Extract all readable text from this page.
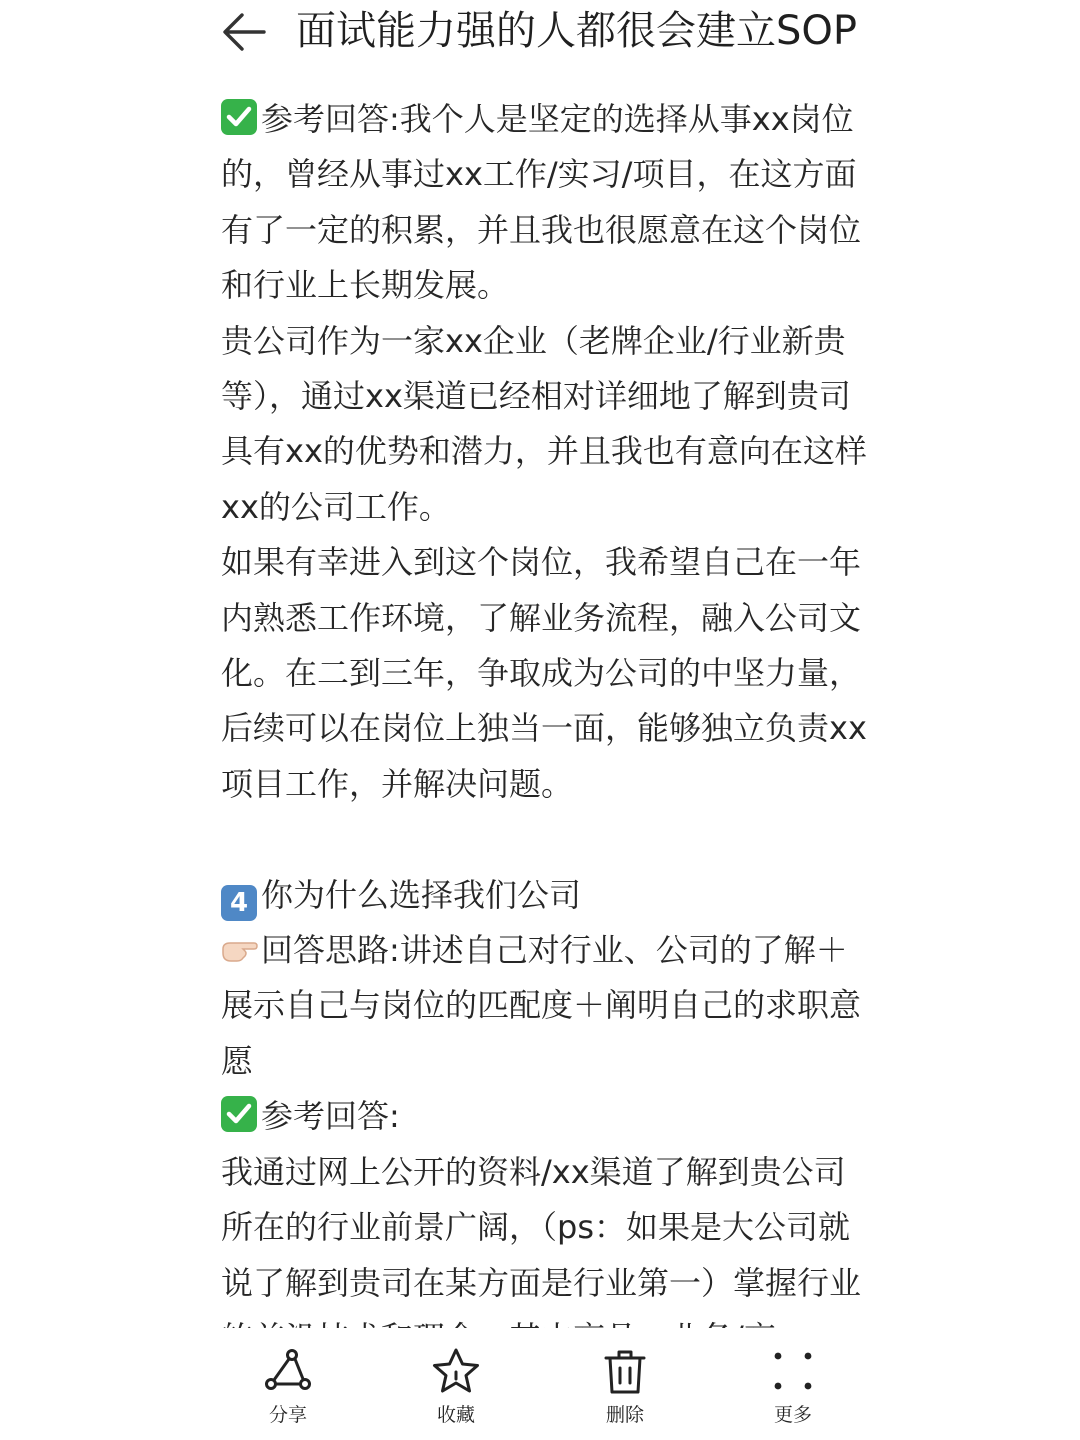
面试能力强的人都很会建立SOP

参考回答:我个人是坚定的选择从事xx岗位的，曾经从事过xx工作/实习/项目，在这方面有了一定的积累，并且我也很愿意在这个岗位和行业上长期发展。

贵公司作为一家xx企业（老牌企业/行业新贵等），通过xx渠道已经相对详细地了解到贵司具有xx的优势和潜力，并且我也有意向在这样xx的公司工作。

如果有幸进入到这个岗位，我希望自己在一年内熟悉工作环境，了解业务流程，融入公司文化。在二到三年，争取成为公司的中坚力量，后续可以在岗位上独当一面，能够独立负责xx项目工作，并解决问题。

4 你为什么选择我们公司

回答思路:讲述自己对行业、公司的了解＋展示自己与岗位的匹配度＋阐明自己的求职意愿

参考回答:

我通过网上公开的资料/xx渠道了解到贵公司所在的行业前景广阔，（ps：如果是大公司就说了解到贵司在某方面是行业第一）掌握行业

分享	收藏	删除	更多
